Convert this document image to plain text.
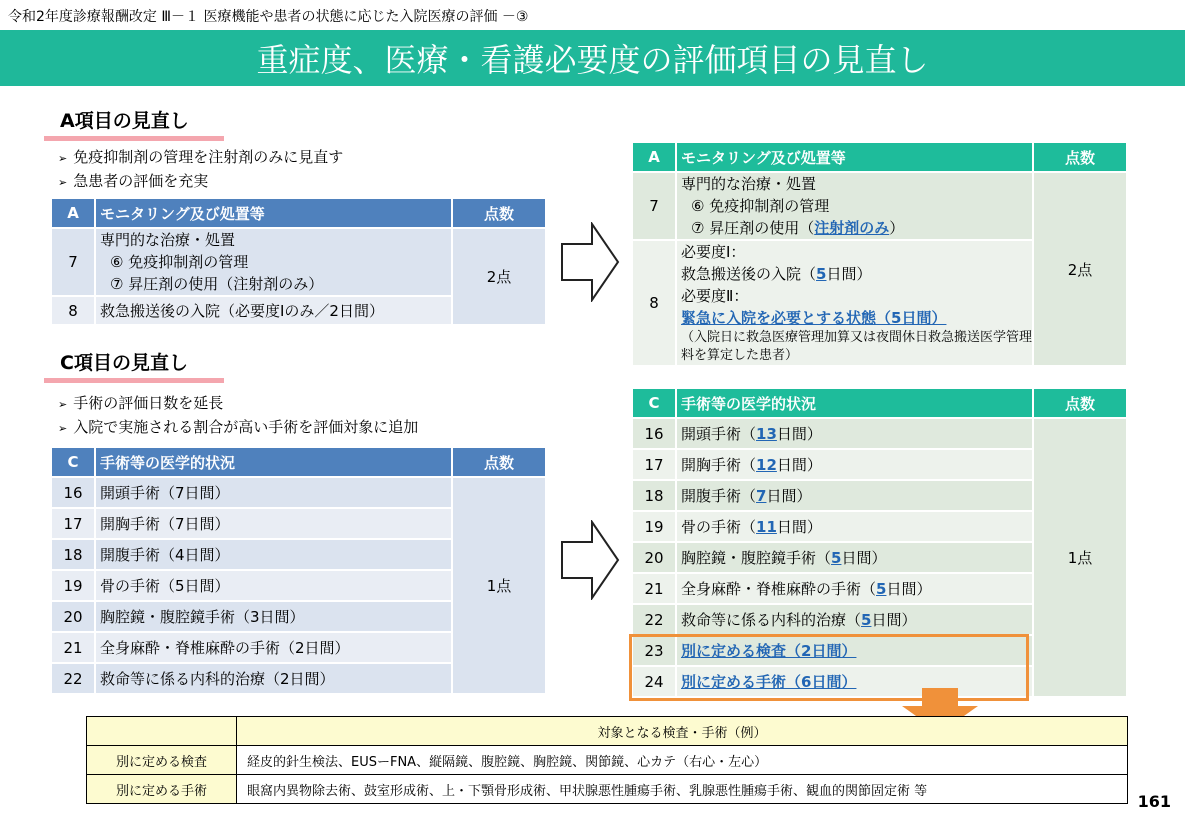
令和2年度診療報酬改定 Ⅲ－１ 医療機能や患者の状態に応じた入院医療の評価 －③
重症度、医療・看護必要度の評価項目の見直し
A項目の見直し
➢ 免疫抑制剤の管理を注射剤のみに見直す
➢ 急患者の評価を充実
A	モニタリング及び処置等	点数
7	専門的な治療・処置
⑥ 免疫抑制剤の管理
⑦ 昇圧剤の使用（注射剤のみ）	2点
8	救急搬送後の入院（必要度Ⅰのみ／2日間）	
A	モニタリング及び処置等	点数
7	専門的な治療・処置
⑥ 免疫抑制剤の管理
⑦ 昇圧剤の使用（注射剤のみ）	2点
8	必要度Ⅰ：
救急搬送後の入院（5日間）
必要度Ⅱ：
緊急に入院を必要とする状態（5日間）
（入院日に救急医療管理加算又は夜間休日救急搬送医学管理料を算定した患者）	
C項目の見直し
➢ 手術の評価日数を延長
➢ 入院で実施される割合が高い手術を評価対象に追加
C	手術等の医学的状況	点数
16	開頭手術（7日間）	1点
17	開胸手術（7日間）	
18	開腹手術（4日間）	
19	骨の手術（5日間）	
20	胸腔鏡・腹腔鏡手術（3日間）	
21	全身麻酔・脊椎麻酔の手術（2日間）	
22	救命等に係る内科的治療（2日間）	
C	手術等の医学的状況	点数
16	開頭手術（13日間）	1点
17	開胸手術（12日間）	
18	開腹手術（7日間）	
19	骨の手術（11日間）	
20	胸腔鏡・腹腔鏡手術（5日間）	
21	全身麻酔・脊椎麻酔の手術（5日間）	
22	救命等に係る内科的治療（5日間）	
23	別に定める検査（2日間）	
24	別に定める手術（6日間）	
	対象となる検査・手術（例）
別に定める検査	経皮的針生検法、EUSーFNA、縦隔鏡、腹腔鏡、胸腔鏡、関節鏡、心カテ（右心・左心）
別に定める手術	眼窩内異物除去術、鼓室形成術、上・下顎骨形成術、甲状腺悪性腫瘍手術、乳腺悪性腫瘍手術、観血的関節固定術 等
161
